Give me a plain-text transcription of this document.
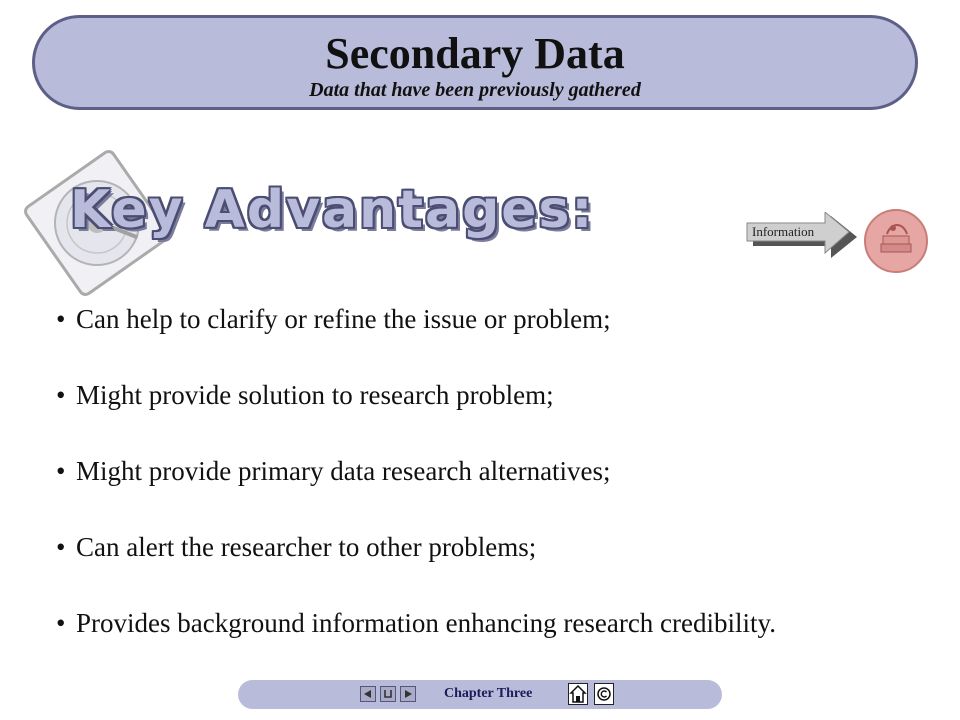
Secondary Data
Data that have been previously gathered
Key Advantages:	Information
• Can help to clarify or refine the issue or problem;
• Might provide solution to research problem;
• Might provide primary data research alternatives;
• Can alert the researcher to other problems;
• Provides background information enhancing research credibility.
Chapter Three
